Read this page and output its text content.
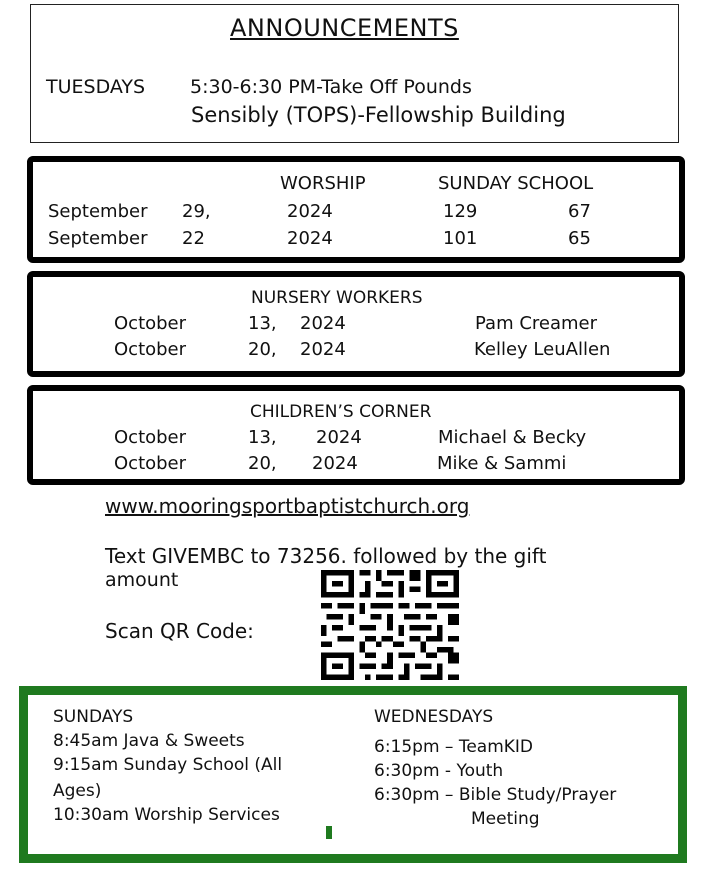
ANNOUNCEMENTS
TUESDAYS 5:30-6:30 PM-Take Off Pounds
Sensibly (TOPS)-Fellowship Building
WORSHIP	SUNDAY SCHOOL
September 29,	2024	129	67
September 22	2024	101	65
NURSERY WORKERS
October	13, 2024	Pam Creamer
October	20, 2024	Kelley LeuAllen
CHILDREN’S CORNER
October	13, 2024	Michael & Becky
October	20, 2024	Mike & Sammi
www.mooringsportbaptistchurch.org
Text GIVEMBC to 73256. followed by the gift
amount
Scan QR Code:
SUNDAYS
8:45am Java & Sweets
9:15am Sunday School (All
Ages)
10:30am Worship Services
WEDNESDAYS
6:15pm – TeamKID
6:30pm - Youth
6:30pm – Bible Study/Prayer
Meeting
